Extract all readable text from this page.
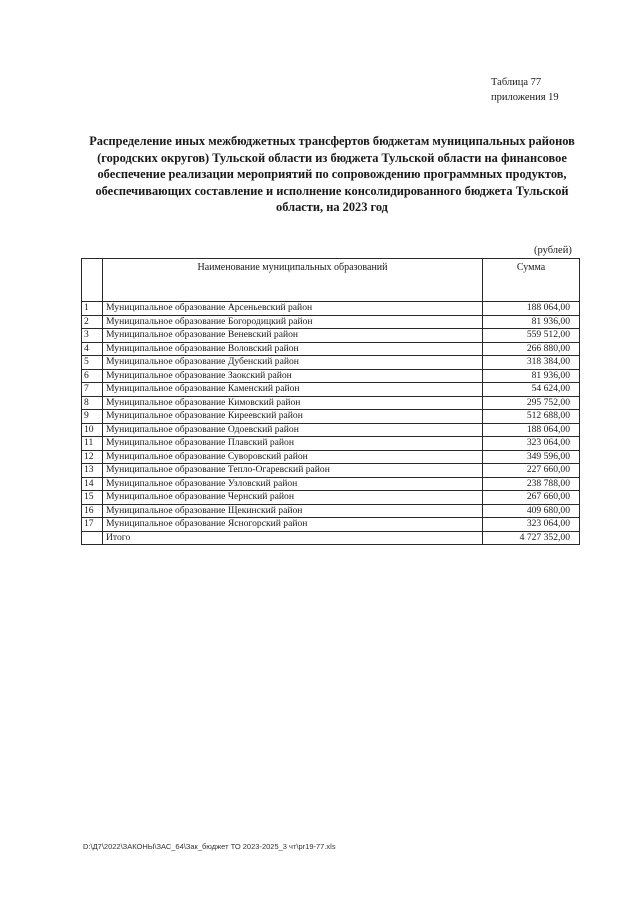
Таблица 77
приложения 19
Распределение иных межбюджетных трансфертов бюджетам муниципальных районов (городских округов) Тульской области из бюджета Тульской области на финансовое обеспечение реализации мероприятий по сопровождению программных продуктов, обеспечивающих составление и исполнение консолидированного бюджета Тульской области, на 2023 год
(рублей)
	Наименование муниципальных образований	Сумма
1	Муниципальное образование Арсеньевский район	188 064,00
2	Муниципальное образование Богородицкий район	81 936,00
3	Муниципальное образование Веневский район	559 512,00
4	Муниципальное образование Воловский район	266 880,00
5	Муниципальное образование Дубенский район	318 384,00
6	Муниципальное образование Заокский район	81 936,00
7	Муниципальное образование Каменский район	54 624,00
8	Муниципальное образование Кимовский район	295 752,00
9	Муниципальное образование Киреевский район	512 688,00
10	Муниципальное образование Одоевский район	188 064,00
11	Муниципальное образование Плавский район	323 064,00
12	Муниципальное образование Суворовский район	349 596,00
13	Муниципальное образование Тепло-Огаревский район	227 660,00
14	Муниципальное образование Узловский район	238 788,00
15	Муниципальное образование Чернский район	267 660,00
16	Муниципальное образование Щекинский район	409 680,00
17	Муниципальное образование Ясногорский район	323 064,00
	Итого	4 727 352,00
D:\Д7\2022\ЗАКОНЫ\ЗАС_64\Зак_бюджет ТО 2023-2025_3 чт\рr19-77.xls
